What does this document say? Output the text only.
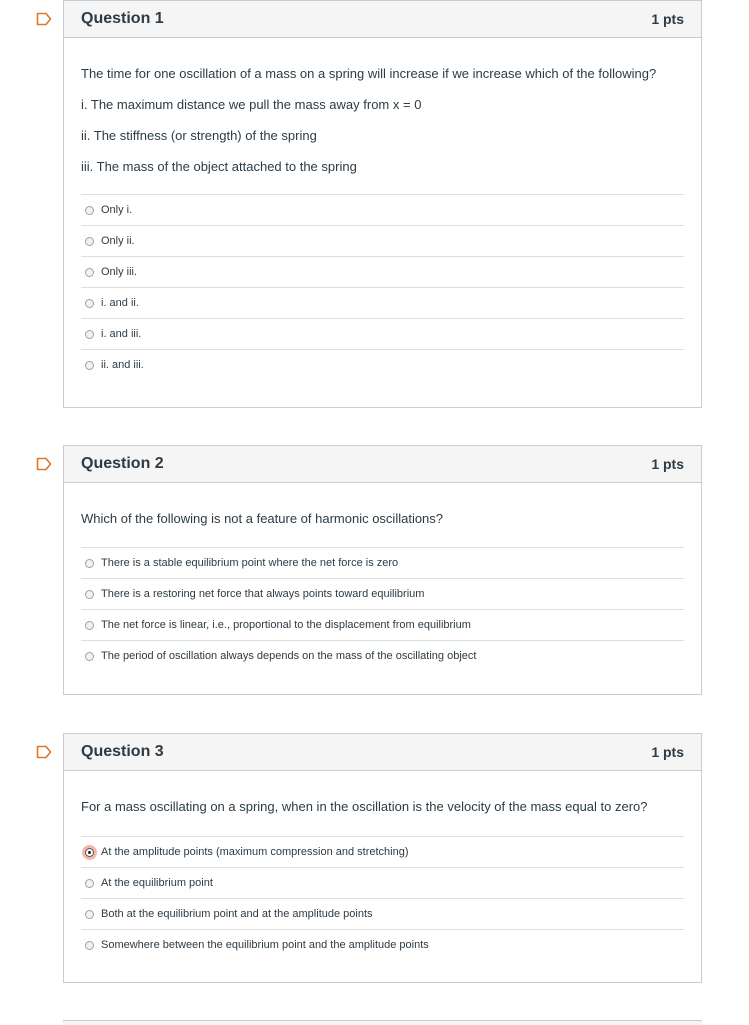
Question 1	1 pts

The time for one oscillation of a mass on a spring will increase if we increase which of the following?

i. The maximum distance we pull the mass away from x = 0

ii. The stiffness (or strength) of the spring

iii. The mass of the object attached to the spring

Only i.
Only ii.
Only iii.
i. and ii.
i. and iii.
ii. and iii.
Question 2	1 pts

Which of the following is not a feature of harmonic oscillations?

There is a stable equilibrium point where the net force is zero
There is a restoring net force that always points toward equilibrium
The net force is linear, i.e., proportional to the displacement from equilibrium
The period of oscillation always depends on the mass of the oscillating object
Question 3	1 pts

For a mass oscillating on a spring, when in the oscillation is the velocity of the mass equal to zero?

At the amplitude points (maximum compression and stretching)
At the equilibrium point
Both at the equilibrium point and at the amplitude points
Somewhere between the equilibrium point and the amplitude points
